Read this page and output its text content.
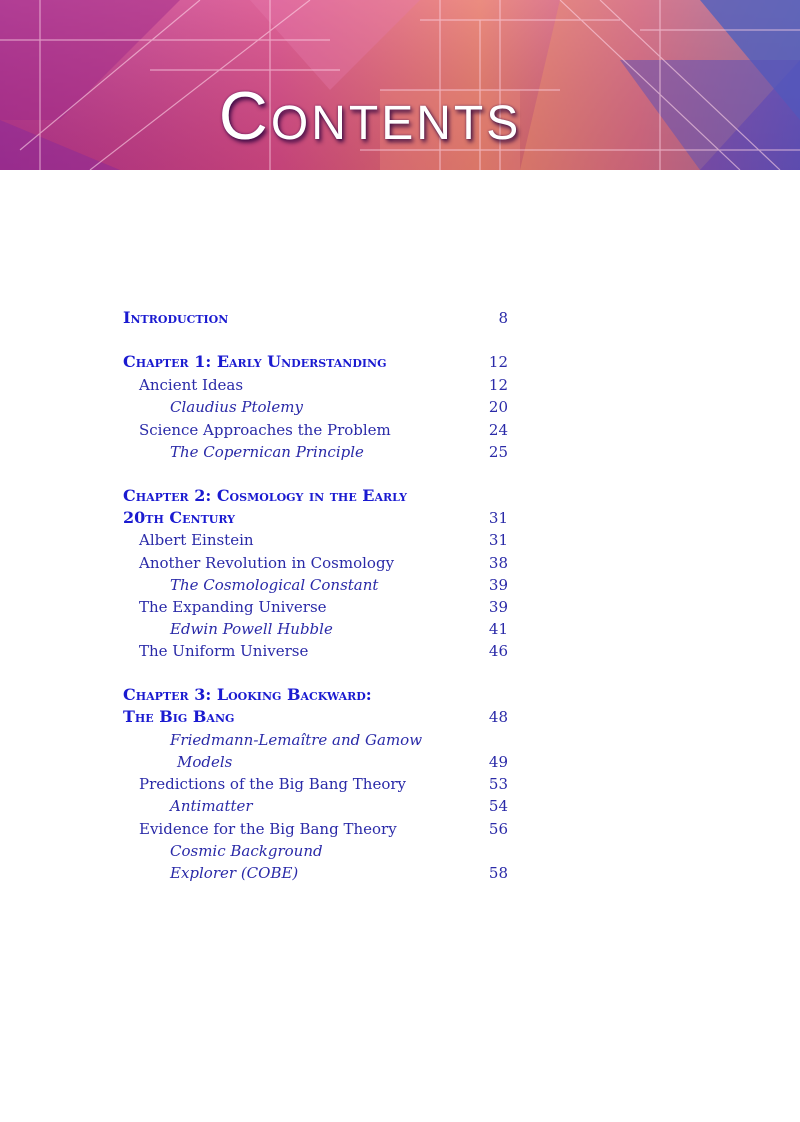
Contents
Introduction	8
Chapter 1: Early Understanding	12
Ancient Ideas	12
Claudius Ptolemy	20
Science Approaches the Problem	24
The Copernican Principle	25
Chapter 2: Cosmology in the Early
20th Century	31
Albert Einstein	31
Another Revolution in Cosmology	38
The Cosmological Constant	39
The Expanding Universe	39
Edwin Powell Hubble	41
The Uniform Universe	46
Chapter 3: Looking Backward:
The Big Bang	48
Friedmann-Lemaître and Gamow
Models	49
Predictions of the Big Bang Theory	53
Antimatter	54
Evidence for the Big Bang Theory	56
Cosmic Background
Explorer (COBE)	58
